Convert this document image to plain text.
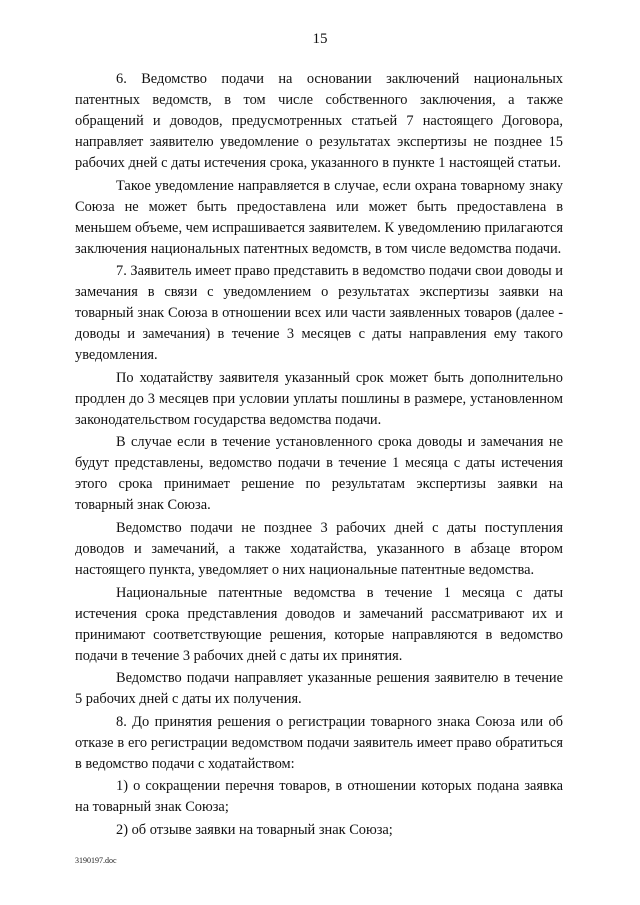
15

6. Ведомство подачи на основании заключений национальных патентных ведомств, в том числе собственного заключения, а также обращений и доводов, предусмотренных статьей 7 настоящего Договора, направляет заявителю уведомление о результатах экспертизы не позднее 15 рабочих дней с даты истечения срока, указанного в пункте 1 настоящей статьи.

Такое уведомление направляется в случае, если охрана товарному знаку Союза не может быть предоставлена или может быть предоставлена в меньшем объеме, чем испрашивается заявителем. К уведомлению прилагаются заключения национальных патентных ведомств, в том числе ведомства подачи.

7. Заявитель имеет право представить в ведомство подачи свои доводы и замечания в связи с уведомлением о результатах экспертизы заявки на товарный знак Союза в отношении всех или части заявленных товаров (далее - доводы и замечания) в течение 3 месяцев с даты направления ему такого уведомления.

По ходатайству заявителя указанный срок может быть дополнительно продлен до 3 месяцев при условии уплаты пошлины в размере, установленном законодательством государства ведомства подачи.

В случае если в течение установленного срока доводы и замечания не будут представлены, ведомство подачи в течение 1 месяца с даты истечения этого срока принимает решение по результатам экспертизы заявки на товарный знак Союза.

Ведомство подачи не позднее 3 рабочих дней с даты поступления доводов и замечаний, а также ходатайства, указанного в абзаце втором настоящего пункта, уведомляет о них национальные патентные ведомства.

Национальные патентные ведомства в течение 1 месяца с даты истечения срока представления доводов и замечаний рассматривают их и принимают соответствующие решения, которые направляются в ведомство подачи в течение 3 рабочих дней с даты их принятия.

Ведомство подачи направляет указанные решения заявителю в течение 5 рабочих дней с даты их получения.

8. До принятия решения о регистрации товарного знака Союза или об отказе в его регистрации ведомством подачи заявитель имеет право обратиться в ведомство подачи с ходатайством:

1) о сокращении перечня товаров, в отношении которых подана заявка на товарный знак Союза;

2) об отзыве заявки на товарный знак Союза;

3190197.doc
